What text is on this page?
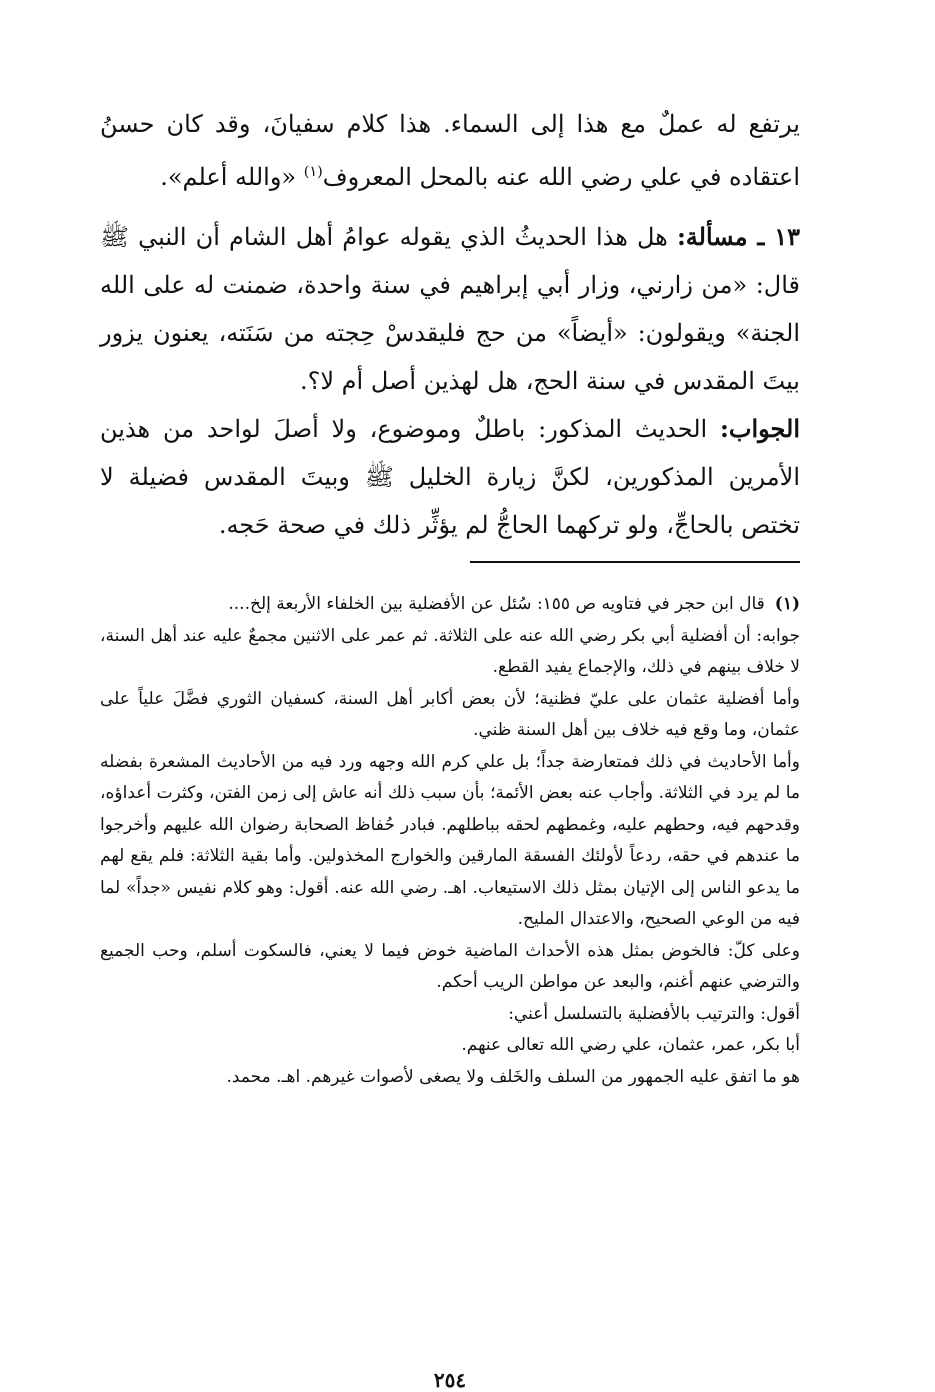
يرتفع له عملٌ مع هذا إلى السماء. هذا كلام سفيانَ، وقد كان حسنُ اعتقاده في علي رضي الله عنه بالمحل المعروف$^{(١)}$ «والله أعلم».

١٣ ـ مسألة: هل هذا الحديثُ الذي يقوله عوامُ أهل الشام أن النبي ﷺ قال: «من زارني، وزار أبي إبراهيم في سنة واحدة، ضمنت له على الله الجنة» ويقولون: «أيضاً» من حج فليقدسْ حِجته من سَنَته، يعنون يزور بيتَ المقدس في سنة الحج، هل لهذين أصل أم لا؟.

الجواب: الحديث المذكور: باطلٌ وموضوع، ولا أصلَ لواحد من هذين الأمرين المذكورين، لكنَّ زيارة الخليل ﷺ وبيتَ المقدس فضيلة لا تختص بالحاجِّ، ولو تركهما الحاجُّ لم يؤثِّر ذلك في صحة حَجه.

(١)قال ابن حجر في فتاويه ص ١٥٥: سُئل عن الأفضلية بين الخلفاء الأربعة إلخ....

جوابه: أن أفضلية أبي بكر رضي الله عنه على الثلاثة. ثم عمر على الاثنين مجمعٌ عليه عند أهل السنة، لا خلاف بينهم في ذلك، والإجماع يفيد القطع.

وأما أفضلية عثمان على عليّ فظنية؛ لأن بعض أكابر أهل السنة، كسفيان الثوري فضَّلَ علياً على عثمان، وما وقع فيه خلاف بين أهل السنة ظني.

وأما الأحاديث في ذلك فمتعارضة جداً؛ بل علي كرم الله وجهه ورد فيه من الأحاديث المشعرة بفضله ما لم يرد في الثلاثة. وأجاب عنه بعض الأئمة؛ بأن سبب ذلك أنه عاش إلى زمن الفتن، وكثرت أعداؤه، وقدحهم فيه، وحطهم عليه، وغمطهم لحقه بباطلهم. فبادر حُفاظ الصحابة رضوان الله عليهم وأخرجوا ما عندهم في حقه، ردعاً لأولئك الفسقة المارقين والخوارج المخذولين. وأما بقية الثلاثة: فلم يقع لهم ما يدعو الناس إلى الإتيان بمثل ذلك الاستيعاب. اهـ. رضي الله عنه. أقول: وهو كلام نفيس «جداً» لما فيه من الوعي الصحيح، والاعتدال المليح.

وعلى كلّ: فالخوض بمثل هذه الأحداث الماضية خوض فيما لا يعني، فالسكوت أسلم، وحب الجميع والترضي عنهم أغنم، والبعد عن مواطن الريب أحكم.

أقول: والترتيب بالأفضلية بالتسلسل أعني:

أبا بكر، عمر، عثمان، علي رضي الله تعالى عنهم.

هو ما اتفق عليه الجمهور من السلف والخَلف ولا يصغى لأصوات غيرهم. اهـ. محمد.

٢٥٤
